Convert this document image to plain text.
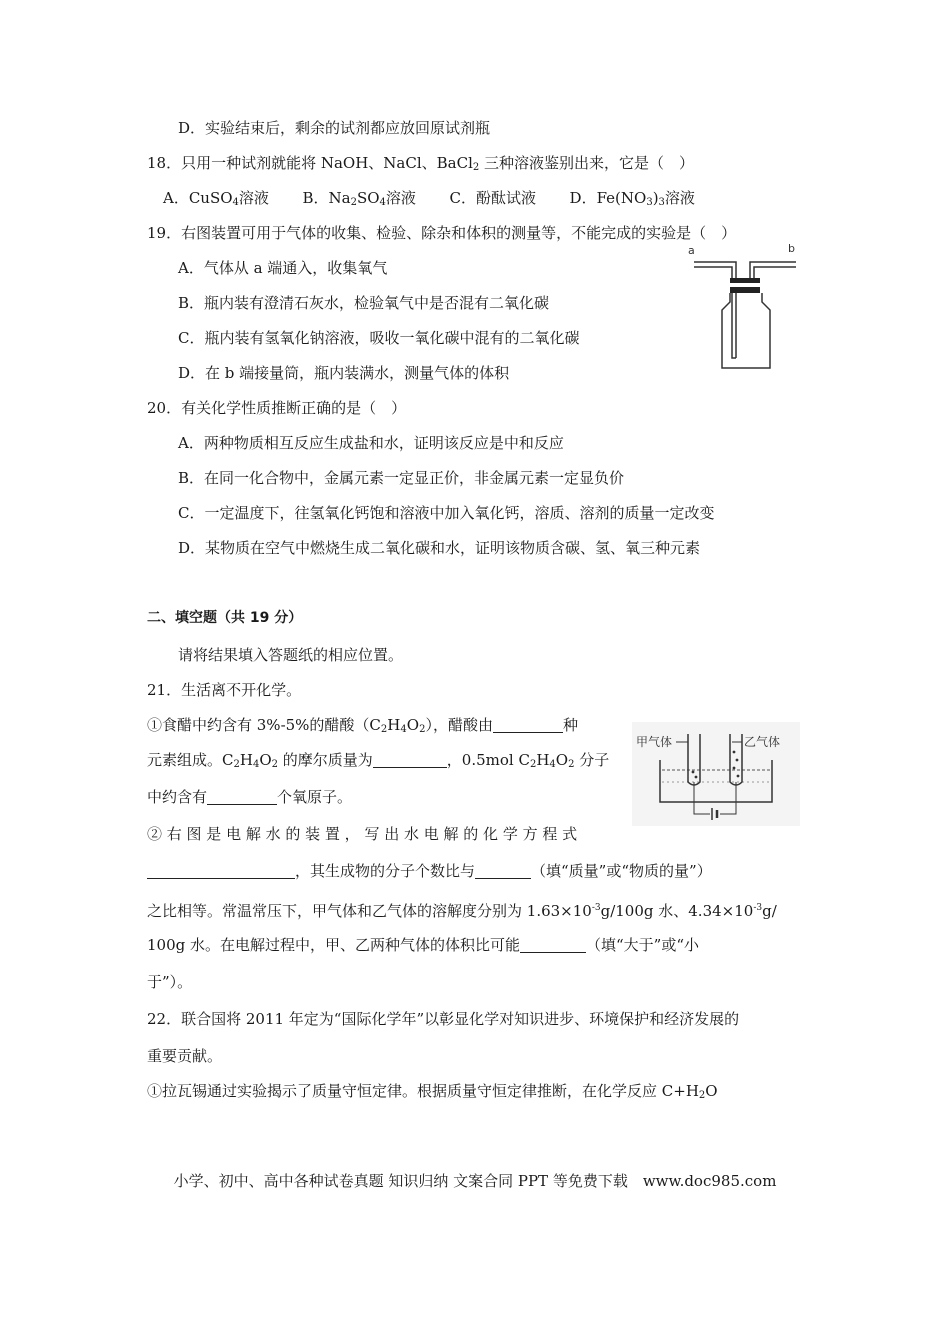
D．实验结束后，剩余的试剂都应放回原试剂瓶
18．只用一种试剂就能将 NaOH、NaCl、BaCl$_2$ 三种溶液鉴别出来，它是（　）
A．CuSO$_4$溶液 B．$Na_2SO_4$溶液 C．酚酞试液 D．$Fe(NO_3)_3$溶液
19．右图装置可用于气体的收集、检验、除杂和体积的测量等，不能完成的实验是（　）
A．气体从 a 端通入，收集氧气
B．瓶内装有澄清石灰水，检验氧气中是否混有二氧化碳
C．瓶内装有氢氧化钠溶液，吸收一氧化碳中混有的二氧化碳
D．在 b 端接量筒，瓶内装满水，测量气体的体积
a	b
20．有关化学性质推断正确的是（　）
A．两种物质相互反应生成盐和水，证明该反应是中和反应
B．在同一化合物中，金属元素一定显正价，非金属元素一定显负价
C．一定温度下，往氢氧化钙饱和溶液中加入氧化钙，溶质、溶剂的质量一定改变
D．某物质在空气中燃烧生成二氧化碳和水，证明该物质含碳、氢、氧三种元素
二、填空题（共 19 分）
请将结果填入答题纸的相应位置。
21．生活离不开化学。
①食醋中约含有 3%-5%的醋酸$(C_2H_4O_2)$，醋酸由	种
元素组成。$C_2H_4O_2$ 的摩尔质量为	，0.5mol $C_2H_4O_2$ 分子
中约含有	个氧原子。
② 右 图 是 电 解 水 的 装 置 ， 写 出 水 电 解 的 化 学 方 程 式
，其生成物的分子个数比与	（填“质量”或“物质的量”）
之比相等。常温常压下，甲气体和乙气体的溶解度分别为 $1.63\times 10^{-3}g/100g$ 水、$4.34\times 10^{-3}g/$
100g 水。在电解过程中，甲、乙两种气体的体积比可能	（填“大于”或“小
于”）。
甲气体	乙气体
22．联合国将 2011 年定为“国际化学年”以彰显化学对知识进步、环境保护和经济发展的
重要贡献。
①拉瓦锡通过实验揭示了质量守恒定律。根据质量守恒定律推断，在化学反应 $C+H_2O$
小学、初中、高中各种试卷真题 知识归纳 文案合同 PPT 等免费下载　www.doc985.com
